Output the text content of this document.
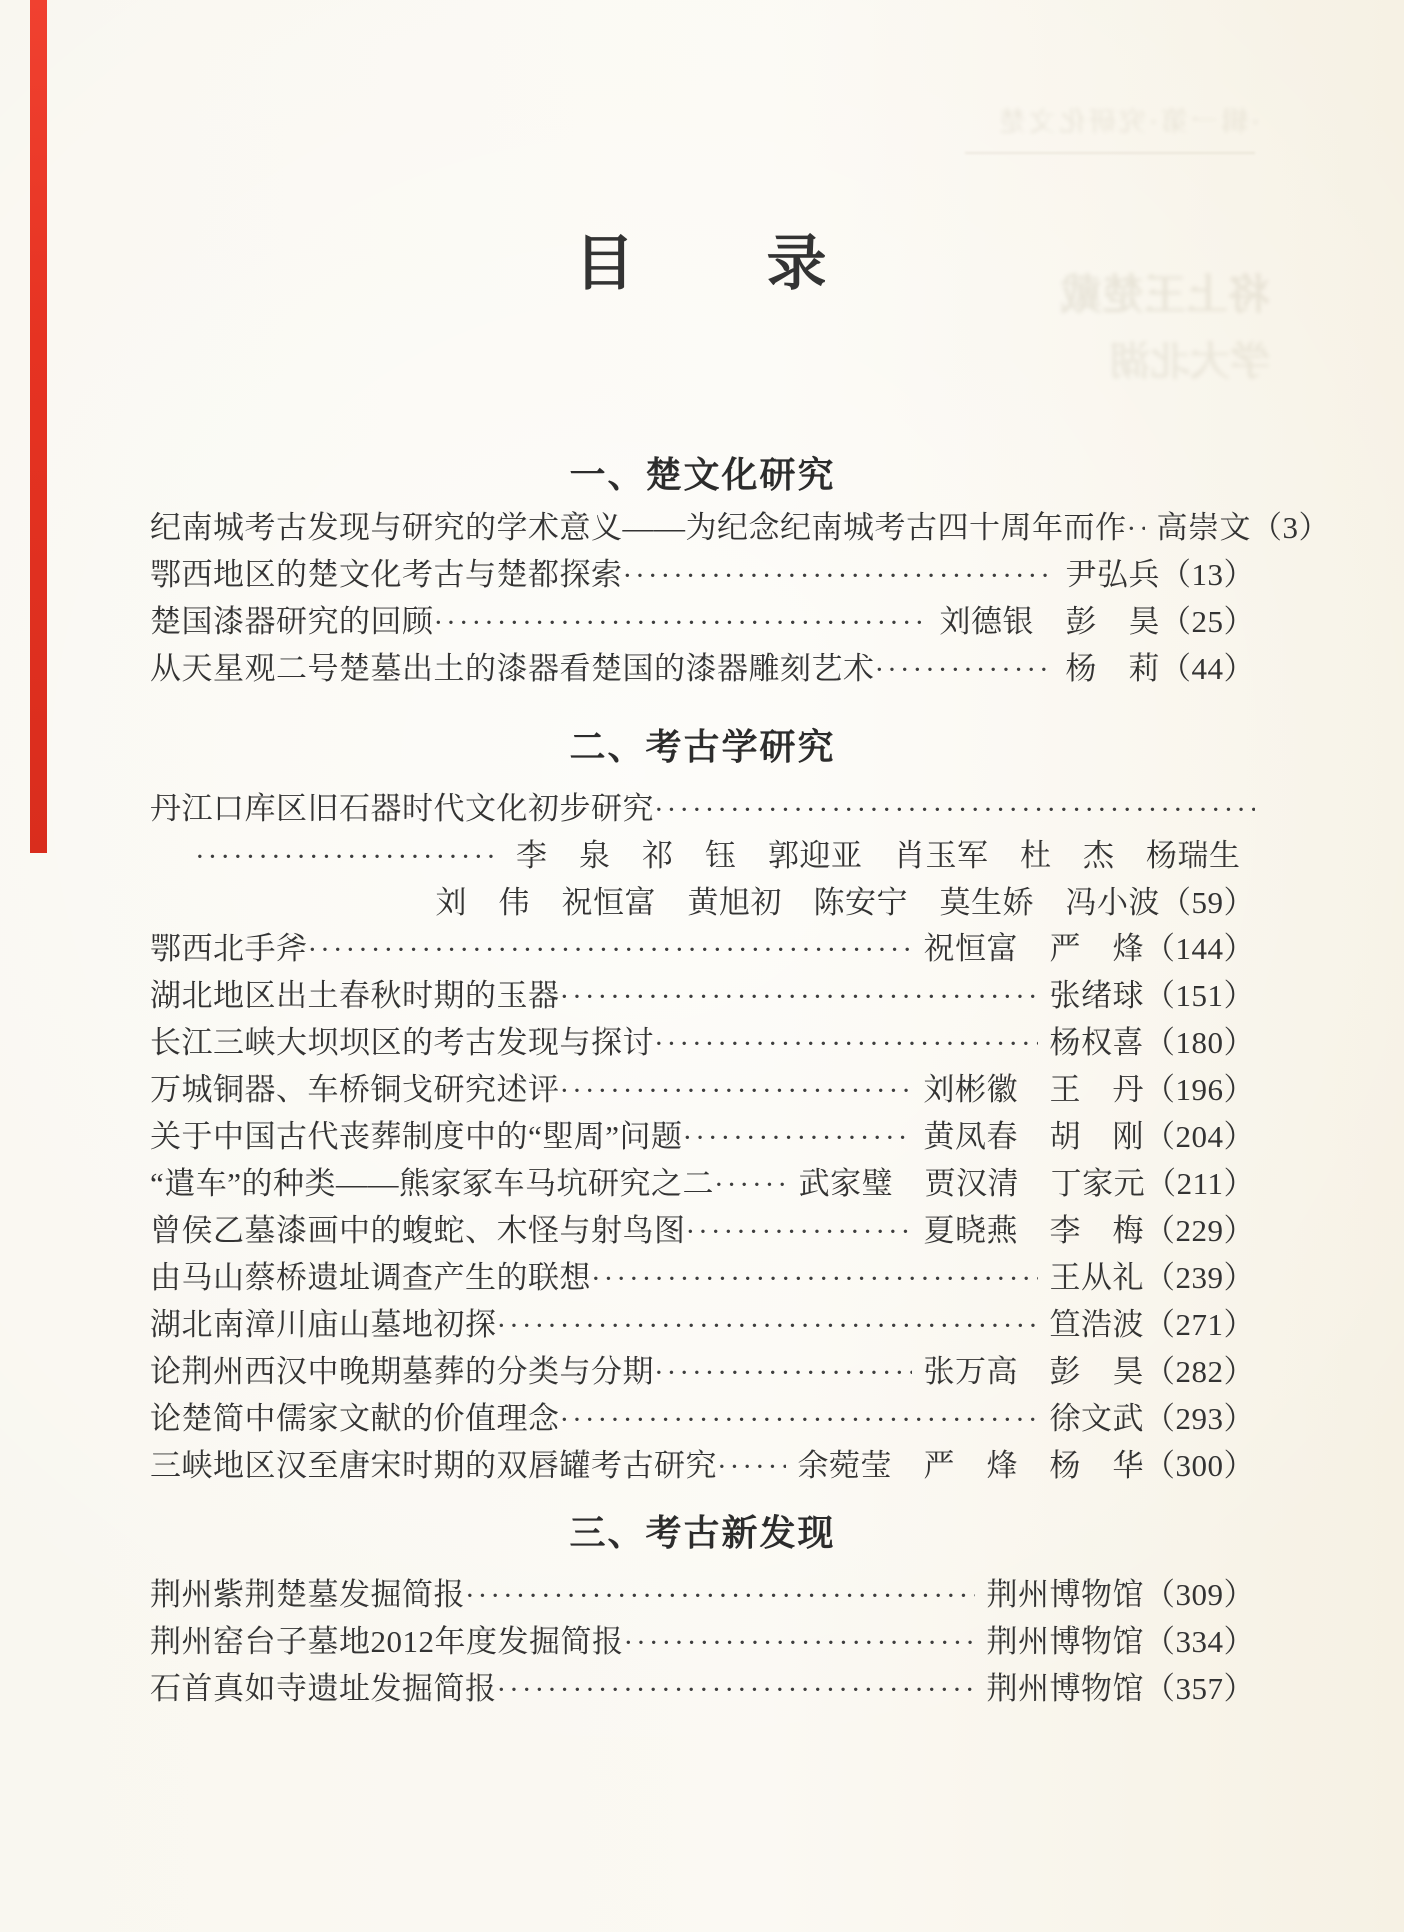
·辑一第·究研化文楚
将上王楚戴
学大北湖
目　　录
一、楚文化研究
纪南城考古发现与研究的学术意义——为纪念纪南城考古四十周年而作 ····· 高崇文（3）
鄂西地区的楚文化考古与楚都探索 ·····	尹弘兵（13）
楚国漆器研究的回顾 ·····	刘德银　彭　昊（25）
从天星观二号楚墓出土的漆器看楚国的漆器雕刻艺术 ·····	杨　莉（44）
二、考古学研究
丹江口库区旧石器时代文化初步研究
·····
·····
李　泉　祁　钰　郭迎亚　肖玉军　杜　杰　杨瑞生
刘　伟　祝恒富　黄旭初　陈安宁　莫生娇　冯小波（59）
鄂西北手斧 ·····	祝恒富　严　烽（144）
湖北地区出土春秋时期的玉器 ·····	张绪球（151）
长江三峡大坝坝区的考古发现与探讨 ·····	杨权喜（180）
万城铜器、车桥铜戈研究述评 ·····	刘彬徽　王　丹（196）
关于中国古代丧葬制度中的“堲周”问题 ·····	黄凤春　胡　刚（204）
“遣车”的种类——熊家冢车马坑研究之二 ·····	武家璧　贾汉清　丁家元（211）
曾侯乙墓漆画中的蝮蛇、木怪与射鸟图 ·····	夏晓燕　李　梅（229）
由马山蔡桥遗址调查产生的联想 ·····	王从礼（239）
湖北南漳川庙山墓地初探 ·····	笪浩波（271）
论荆州西汉中晚期墓葬的分类与分期 ·····	张万高　彭　昊（282）
论楚简中儒家文献的价值理念 ·····	徐文武（293）
三峡地区汉至唐宋时期的双唇罐考古研究 ·····	余菀莹　严　烽　杨　华（300）
三、考古新发现
荆州紫荆楚墓发掘简报 ·····	荆州博物馆（309）
荆州窑台子墓地2012年度发掘简报 ·····	荆州博物馆（334）
石首真如寺遗址发掘简报 ·····	荆州博物馆（357）
